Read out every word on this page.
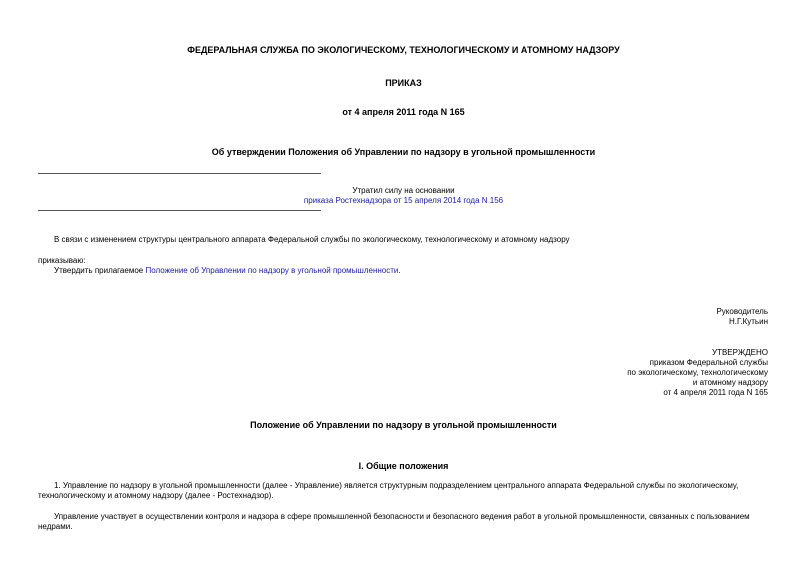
ФЕДЕРАЛЬНАЯ СЛУЖБА ПО ЭКОЛОГИЧЕСКОМУ, ТЕХНОЛОГИЧЕСКОМУ И АТОМНОМУ НАДЗОРУ
ПРИКАЗ
от 4 апреля 2011 года N 165
Об утверждении Положения об Управлении по надзору в угольной промышленности
Утратил силу на основании
приказа Ростехнадзора от 15 апреля 2014 года N 156
В связи с изменением структуры центрального аппарата Федеральной службы по экологическому, технологическому и атомному надзору
приказываю:
Утвердить прилагаемое Положение об Управлении по надзору в угольной промышленности.
Руководитель
Н.Г.Кутьин
УТВЕРЖДЕНО
приказом Федеральной службы
по экологическому, технологическому
и атомному надзору
от 4 апреля 2011 года N 165
Положение об Управлении по надзору в угольной промышленности
I. Общие положения
1. Управление по надзору в угольной промышленности (далее - Управление) является структурным подразделением центрального аппарата Федеральной службы по экологическому, технологическому и атомному надзору (далее - Ростехнадзор).
Управление участвует в осуществлении контроля и надзора в сфере промышленной безопасности и безопасного ведения работ в угольной промышленности, связанных с пользованием недрами.
